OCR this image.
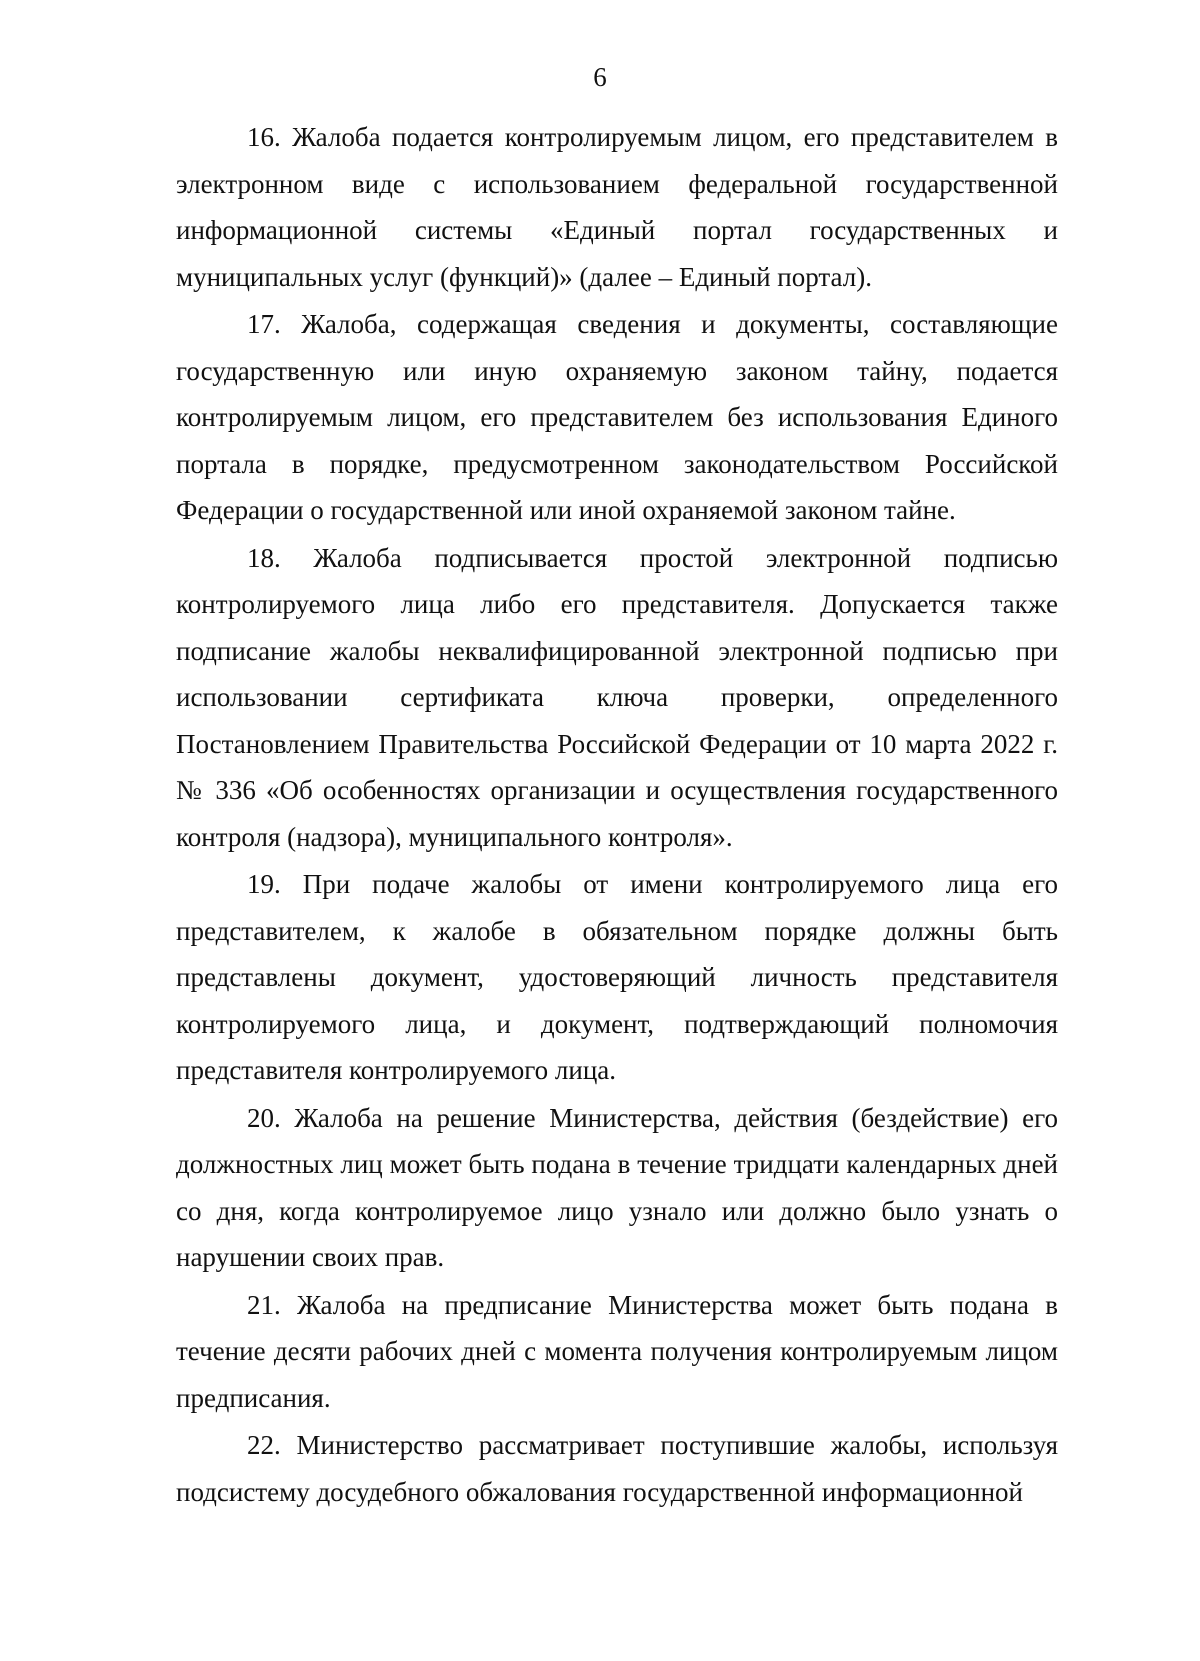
6

16. Жалоба подается контролируемым лицом, его представителем в электронном виде с использованием федеральной государственной информационной системы «Единый портал государственных и муниципальных услуг (функций)» (далее – Единый портал).

17. Жалоба, содержащая сведения и документы, составляющие государственную или иную охраняемую законом тайну, подается контролируемым лицом, его представителем без использования Единого портала в порядке, предусмотренном законодательством Российской Федерации о государственной или иной охраняемой законом тайне.

18. Жалоба подписывается простой электронной подписью контролируемого лица либо его представителя. Допускается также подписание жалобы неквалифицированной электронной подписью при использовании сертификата ключа проверки, определенного Постановлением Правительства Российской Федерации от 10 марта 2022 г. № 336 «Об особенностях организации и осуществления государственного контроля (надзора), муниципального контроля».

19. При подаче жалобы от имени контролируемого лица его представителем, к жалобе в обязательном порядке должны быть представлены документ, удостоверяющий личность представителя контролируемого лица, и документ, подтверждающий полномочия представителя контролируемого лица.

20. Жалоба на решение Министерства, действия (бездействие) его должностных лиц может быть подана в течение тридцати календарных дней со дня, когда контролируемое лицо узнало или должно было узнать о нарушении своих прав.

21. Жалоба на предписание Министерства может быть подана в течение десяти рабочих дней с момента получения контролируемым лицом предписания.

22. Министерство рассматривает поступившие жалобы, используя подсистему досудебного обжалования государственной информационной
